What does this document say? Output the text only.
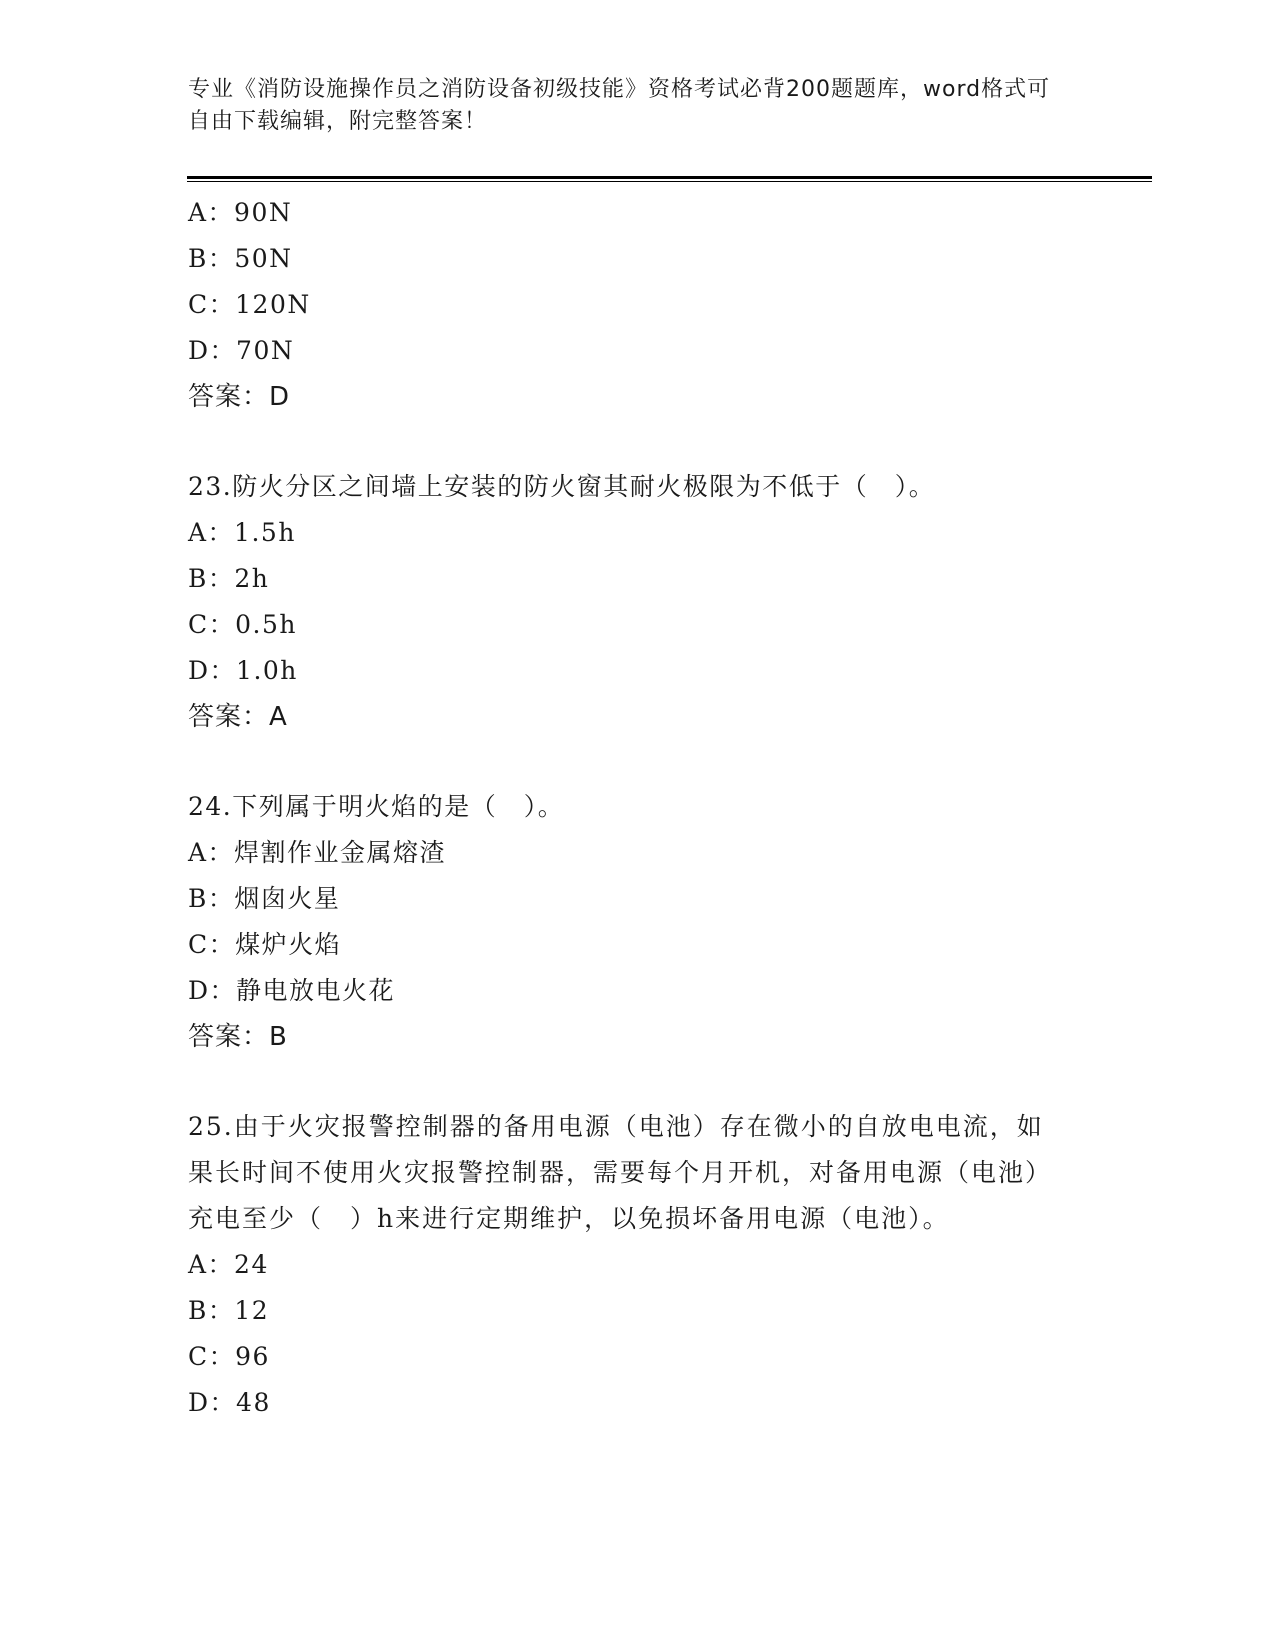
专业《消防设施操作员之消防设备初级技能》资格考试必背200题题库，word格式可自由下载编辑，附完整答案！
A：90N
B：50N
C：120N
D：70N
答案：D
23.防火分区之间墙上安装的防火窗其耐火极限为不低于（　）。
A：1.5h
B：2h
C：0.5h
D：1.0h
答案：A
24.下列属于明火焰的是（　）。
A：焊割作业金属熔渣
B：烟囱火星
C：煤炉火焰
D：静电放电火花
答案：B
25.由于火灾报警控制器的备用电源（电池）存在微小的自放电电流，如果长时间不使用火灾报警控制器，需要每个月开机，对备用电源（电池）充电至少（　）h来进行定期维护，以免损坏备用电源（电池）。
A：24
B：12
C：96
D：48
